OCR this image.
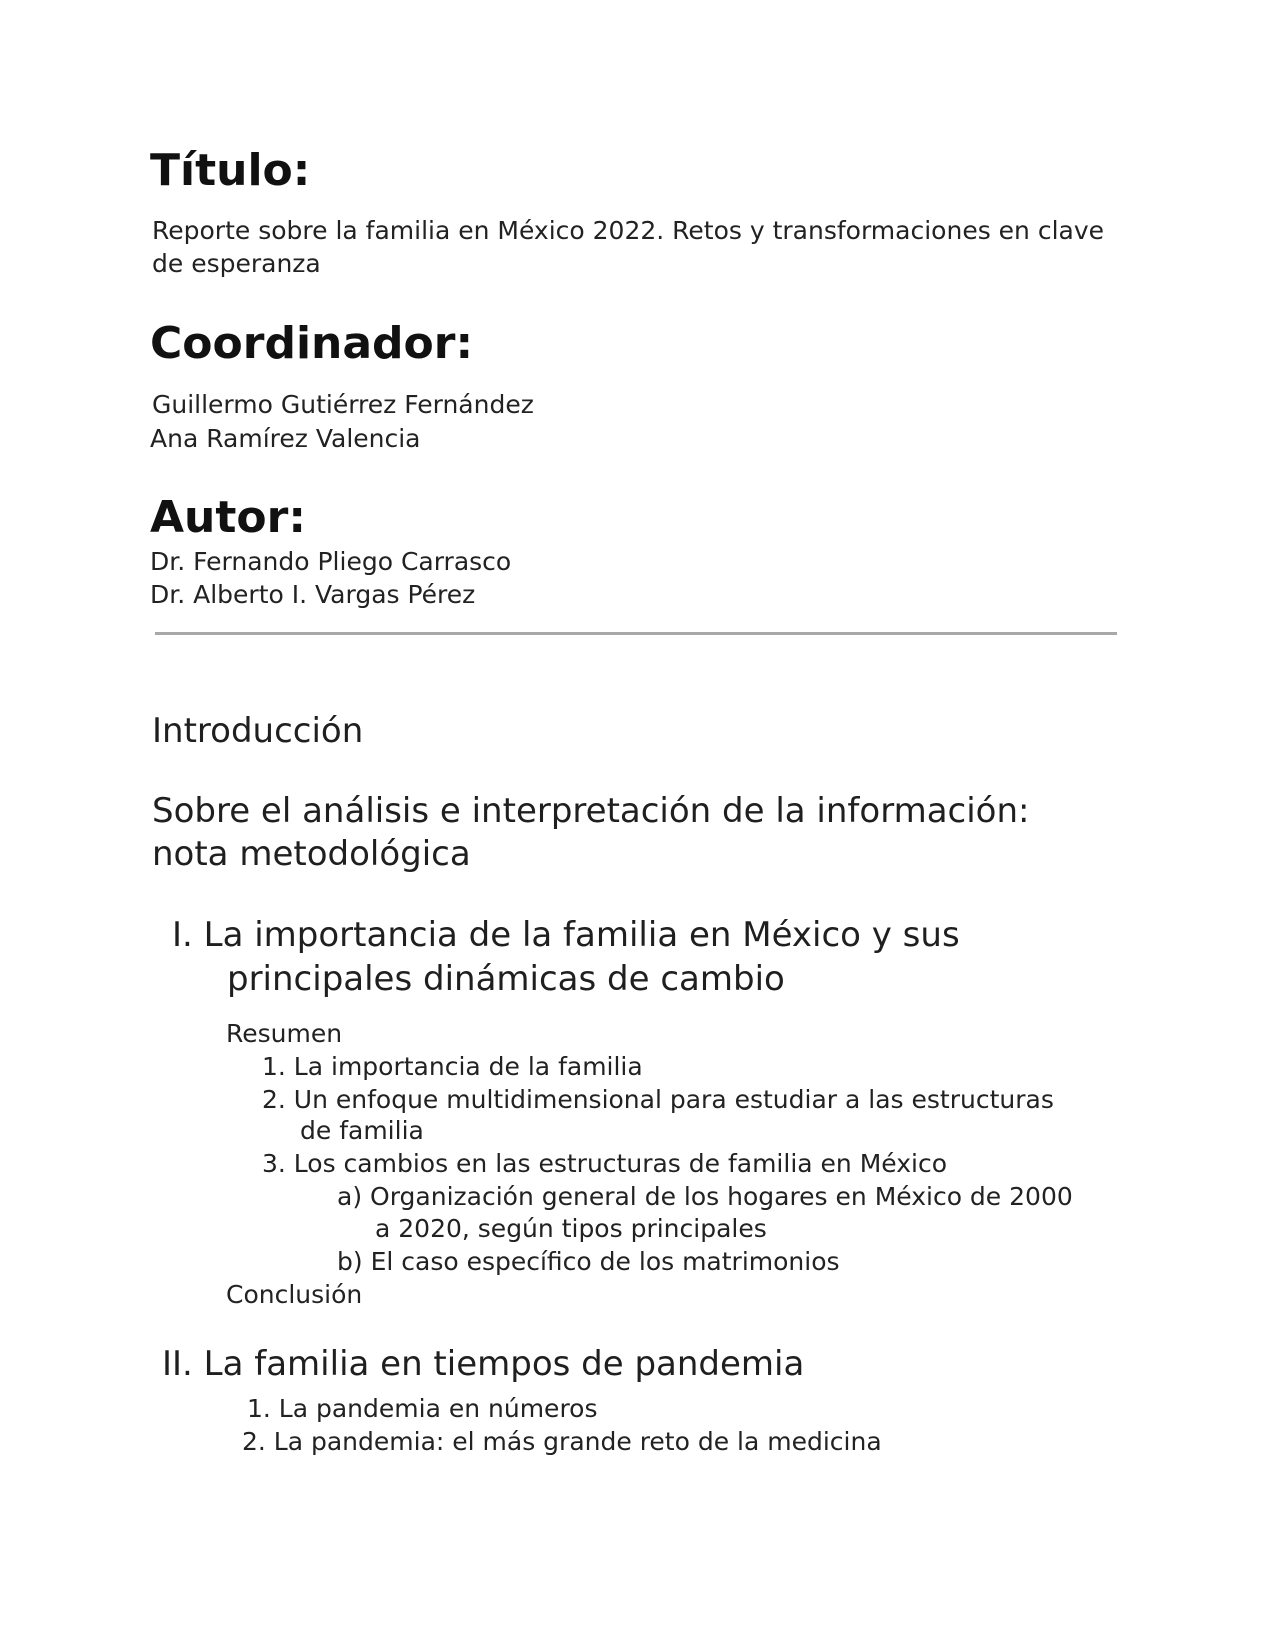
Título:
Reporte sobre la familia en México 2022. Retos y transformaciones en clave
de esperanza
Coordinador:
Guillermo Gutiérrez Fernández
Ana Ramírez Valencia
Autor:
Dr. Fernando Pliego Carrasco
Dr. Alberto I. Vargas Pérez
Introducción
Sobre el análisis e interpretación de la información:
nota metodológica
I. La importancia de la familia en México y sus
principales dinámicas de cambio
Resumen
1. La importancia de la familia
2. Un enfoque multidimensional para estudiar a las estructuras
de familia
3. Los cambios en las estructuras de familia en México
a) Organización general de los hogares en México de 2000
a 2020, según tipos principales
b) El caso específico de los matrimonios
Conclusión
II. La familia en tiempos de pandemia
1. La pandemia en números
2. La pandemia: el más grande reto de la medicina
